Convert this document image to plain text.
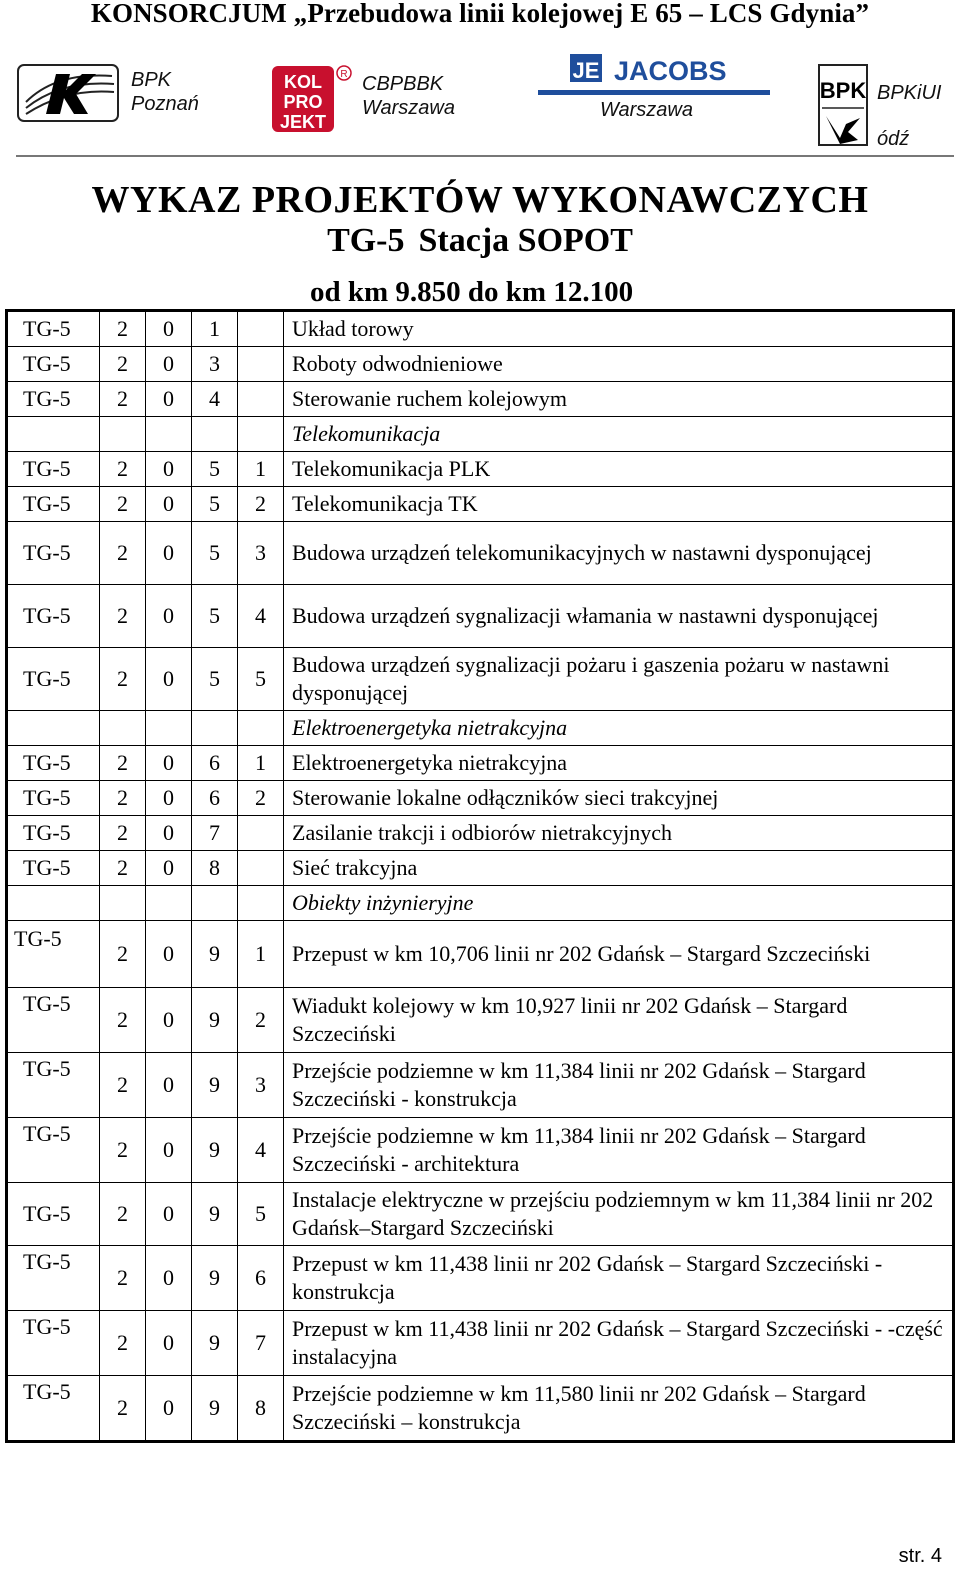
KONSORCJUM „Przebudowa linii kolejowej E 65 – LCS Gdynia”
BPK
Poznań
KOL
PRO
JEKT
R CBPBBK
Warszawa
JE JACOBS
Warszawa
BPK BPKiUI
ódź
WYKAZ PROJEKTÓW WYKONAWCZYCH
TG-5 Stacja SOPOT
od km 9.850 do km 12.100
TG-5	2	0	1		Układ torowy
TG-5	2	0	3		Roboty odwodnieniowe
TG-5	2	0	4		Sterowanie ruchem kolejowym
					Telekomunikacja
TG-5	2	0	5	1	Telekomunikacja PLK
TG-5	2	0	5	2	Telekomunikacja TK
TG-5	2	0	5	3	Budowa urządzeń telekomunikacyjnych w nastawni dysponującej
TG-5	2	0	5	4	Budowa urządzeń sygnalizacji włamania w nastawni dysponującej
TG-5	2	0	5	5	Budowa urządzeń sygnalizacji pożaru i gaszenia pożaru w nastawni dysponującej
					Elektroenergetyka nietrakcyjna
TG-5	2	0	6	1	Elektroenergetyka nietrakcyjna
TG-5	2	0	6	2	Sterowanie lokalne odłączników sieci trakcyjnej
TG-5	2	0	7		Zasilanie trakcji i odbiorów nietrakcyjnych
TG-5	2	0	8		Sieć trakcyjna
					Obiekty inżynieryjne
TG-5	2	0	9	1	Przepust w km 10,706 linii nr 202 Gdańsk – Stargard Szczeciński
TG-5	2	0	9	2	Wiadukt kolejowy w km 10,927 linii nr 202 Gdańsk – Stargard Szczeciński
TG-5	2	0	9	3	Przejście podziemne w km 11,384 linii nr 202 Gdańsk – Stargard Szczeciński - konstrukcja
TG-5	2	0	9	4	Przejście podziemne w km 11,384 linii nr 202 Gdańsk – Stargard Szczeciński - architektura
TG-5	2	0	9	5	Instalacje elektryczne w przejściu podziemnym w km 11,384 linii nr 202 Gdańsk–Stargard Szczeciński
TG-5	2	0	9	6	Przepust w km 11,438 linii nr 202 Gdańsk – Stargard Szczeciński - konstrukcja
TG-5	2	0	9	7	Przepust w km 11,438 linii nr 202 Gdańsk – Stargard Szczeciński - -część instalacyjna
TG-5	2	0	9	8	Przejście podziemne w km 11,580 linii nr 202 Gdańsk – Stargard Szczeciński – konstrukcja
str. 4
